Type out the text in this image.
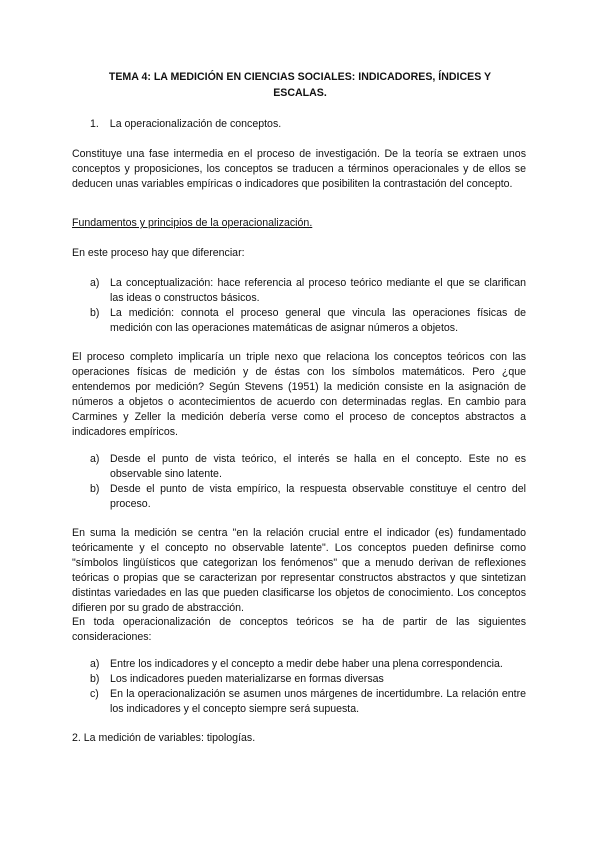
TEMA 4: LA MEDICIÓN EN CIENCIAS SOCIALES: INDICADORES, ÍNDICES Y ESCALAS.
1. La operacionalización de conceptos.
Constituye una fase intermedia en el proceso de investigación. De la teoría se extraen unos conceptos y proposiciones, los conceptos se traducen a términos operacionales y de ellos se deducen unas variables empíricas o indicadores que posibiliten la contrastación del concepto.
Fundamentos y principios de la operacionalización.
En este proceso hay que diferenciar:
a) La conceptualización: hace referencia al proceso teórico mediante el que se clarifican las ideas o constructos básicos.
b) La medición: connota el proceso general que vincula las operaciones físicas de medición con las operaciones matemáticas de asignar números a objetos.
El proceso completo implicaría un triple nexo que relaciona los conceptos teóricos con las operaciones físicas de medición y de éstas con los símbolos matemáticos. Pero ¿que entendemos por medición? Según Stevens (1951) la medición consiste en la asignación de números a objetos o acontecimientos de acuerdo con determinadas reglas. En cambio para Carmines y Zeller la medición debería verse como el proceso de conceptos abstractos a indicadores empíricos.
a) Desde el punto de vista teórico, el interés se halla en el concepto. Este no es observable sino latente.
b) Desde el punto de vista empírico, la respuesta observable constituye el centro del proceso.
En suma la medición se centra "en la relación crucial entre el indicador (es) fundamentado teóricamente y el concepto no observable latente". Los conceptos pueden definirse como "símbolos lingüísticos que categorizan los fenómenos" que a menudo derivan de reflexiones teóricas o propias que se caracterizan por representar constructos abstractos y que sintetizan distintas variedades en las que pueden clasificarse los objetos de conocimiento. Los conceptos difieren por su grado de abstracción.
En toda operacionalización de conceptos teóricos se ha de partir de las siguientes consideraciones:
a) Entre los indicadores y el concepto a medir debe haber una plena correspondencia.
b) Los indicadores pueden materializarse en formas diversas
c) En la operacionalización se asumen unos márgenes de incertidumbre. La relación entre los indicadores y el concepto siempre será supuesta.
2. La medición de variables: tipologías.
